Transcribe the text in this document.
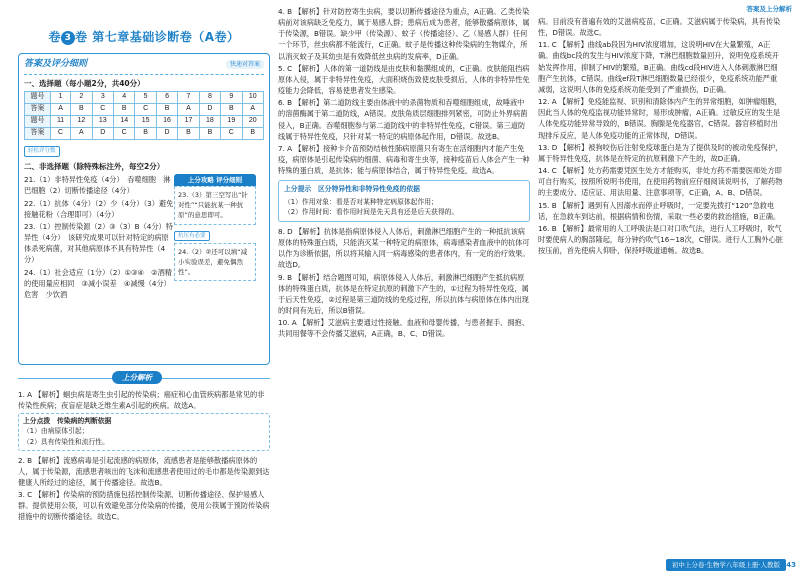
答案及上分解析
卷 3 卷 第七章基础诊断卷（A卷）
答案及评分细则	快速对答案
一、选择题（每小题2分，共40分）
题号	1	2	3	4	5	6	7	8	9	10
答案	A	B	C	B	C	B	A	D	B	A
题号	11	12	13	14	15	16	17	18	19	20
答案	C	A	D	C	B	D	B	B	C	B
轻松评分数
二、非选择题（除特殊标注外，每空2分）

21.（1）非特异性免疫（4分）　吞噬细胞　淋巴细胞（2）切断传播途径（4分）

22.（1）抗体（4分）（2）少（4分）（3）避免接触花粉（合理即可）（4分）

23.（1）控制传染源（2）③（3）B（4分）特异性（4分）　该研究成果可以针对特定的病原体杀死病菌，对其他病原体不具有特异性（4分）

24.（1）社会适应（1分）（2）①③④　②酒精的使用量应相同　③减小误差　④减慢（4分）　危害　少饮酒

上分攻略 评分细则
23.（3）第三空写出“针对性”“只能抗某一种抗原”的意思即可。
抗压有必要
24.（2）②还可以填“减小实验误差，避免偶然性”。
上分解析

1. A 【解析】蛔虫病是寄生虫引起的传染病；癌症和心血管疾病都是常见的非传染性疾病；夜盲症是缺乏维生素A引起的疾病。故选A。

上分点拨　传染病的判断依据
（1）由病原体引起；
（2）具有传染性和流行性。

2. B 【解析】流感病毒是引起流感的病原体，流感患者是能够散播病原体的人，属于传染源，流感患者咳出的飞沫和流感患者使用过的毛巾都是传染源到达健康人所经过的途径，属于传播途径。故选B。

3. C 【解析】传染病的预防措施包括控制传染源、切断传播途径、保护易感人群。提供使用公筷，可以有效避免部分传染病的传播，使用公筷属于预防传染病措施中的切断传播途径。故选C。

4. B 【解析】针对防控寄生虫病，要以切断传播途径为重点，A正确。乙类传染病前对该病缺乏免疫力，属于易感人群；患病后成为患者，能够散播病原体，属于传染源，B错误。缺少甲（传染源）、蚊子（传播途径）、乙（易感人群）任何一个环节，丝虫病都不能流行，C正确。蚊子是传播这种传染病的生物媒介，所以消灭蚊子及其幼虫是有效降低丝虫病的发病率，D正确。

5. C 【解析】人体的第一道防线是由皮肤和黏膜组成的，C正确。皮肤能阻挡病原体入侵，属于非特异性免疫，大面积烧伤致使皮肤受损后，人体的非特异性免疫能力会降低，容易使患者发生感染。

6. B 【解析】第二道防线主要由体液中的杀菌物质和吞噬细胞组成，故唾液中的溶菌酶属于第二道防线，A错误。皮肤角质层细胞排列紧密，可防止外界病菌侵入，B正确。吞噬细胞参与第二道防线中的非特异性免疫，C错误。第三道防线属于特异性免疫，只针对某一特定的病原体起作用，D错误。故选B。

7. A 【解析】接种卡介苗预防结核性肺病原菌只有寄生在活细胞内才能产生免疫，病原体是引起传染病的细菌、病毒和寄生虫等，接种疫苗后人体会产生一种特殊的蛋白质，是抗体；能与病原体结合，属于特异性免疫，故选A。

上分提示　区分特异性和非特异性免疫的依据
（1）作用对象：看是否对某种特定病原体起作用；
（2）作用时间：看作用时间是先天具有还是后天获得的。

8. D 【解析】抗体是指病原体侵入人体后，刺激淋巴细胞产生的一种抵抗该病原体的特殊蛋白质，只能消灭某一种特定的病原体，病毒感染者血液中的抗体可以作为诊断依据，所以将其输入同一病毒感染的患者体内，有一定的治疗效果。故选D。

9. B 【解析】结合题图可知，病原体侵入人体后，刺激淋巴细胞产生抵抗病原体的特殊蛋白质，抗体是在特定抗原的刺激下产生的，①过程为特异性免疫，属于后天性免疫，②过程是第三道防线的免疫过程，所以抗体与病原体在体内出现的时间有先后，所以B错误。

10. A 【解析】艾滋病主要通过性接触、血液和母婴传播，与患者握手、拥抱、共同用餐等不会传播艾滋病，A正确，B、C、D错误。

病。目前没有普遍有效的艾滋病疫苗，C正确。艾滋病属于传染病，具有传染性，D错误。故选C。

11. C 【解析】曲线ab段因为HIV浓度增加，这说明HIV在大量繁殖，A正确。曲线bc段的发生与HIV浓度下降，T淋巴细胞数量回升，说明免疫系统开始发挥作用，抑制了HIV的繁殖，B正确。曲线cd段HIV进入人体刺激淋巴细胞产生抗体，C错误。曲线ef段T淋巴细胞数量已经很少，免疫系统功能严重减弱，这说明人体的免疫系统功能受到了严重损伤，D正确。

12. A 【解析】免疫能监视、识别和清除体内产生的异常细胞，如肿瘤细胞，因此当人体的免疫监视功能异常时，易形成肿瘤，A正确。过敏反应的发生是人体免疫功能异常导致的，B错误。胸腺是免疫器官，C错误。器官移植时出现排斥反应，是人体免疫功能的正常体现，D错误。

13. D 【解析】被狗咬伤后注射免疫球蛋白是为了提供及时的被动免疫保护，属于特异性免疫，抗体是在特定的抗原刺激下产生的，故D正确。

14. C 【解析】处方药需要凭医生处方才能购买，非处方药不需要医师处方即可自行购买，按照所说明书使用，在使用药物前应仔细阅读说明书，了解药物的主要成分、适应证、用法用量、注意事项等，C正确，A、B、D错误。

15. B 【解析】遇到有人因溺水而停止呼吸时，一定要先拨打“120”急救电话，在急救车到达前，根据病情和伤情，采取一些必要的救治措施，B正确。

16. B 【解析】最常用的人工呼吸法是口对口吹气法，进行人工呼吸时，吹气时要使病人的胸部隆起，每分钟约吹气16~18次，C错误。进行人工胸外心脏按压前，首先使病人仰卧，保持呼吸道通畅。故选B。

初中上分卷·生物学八年级上册·人教版 43
